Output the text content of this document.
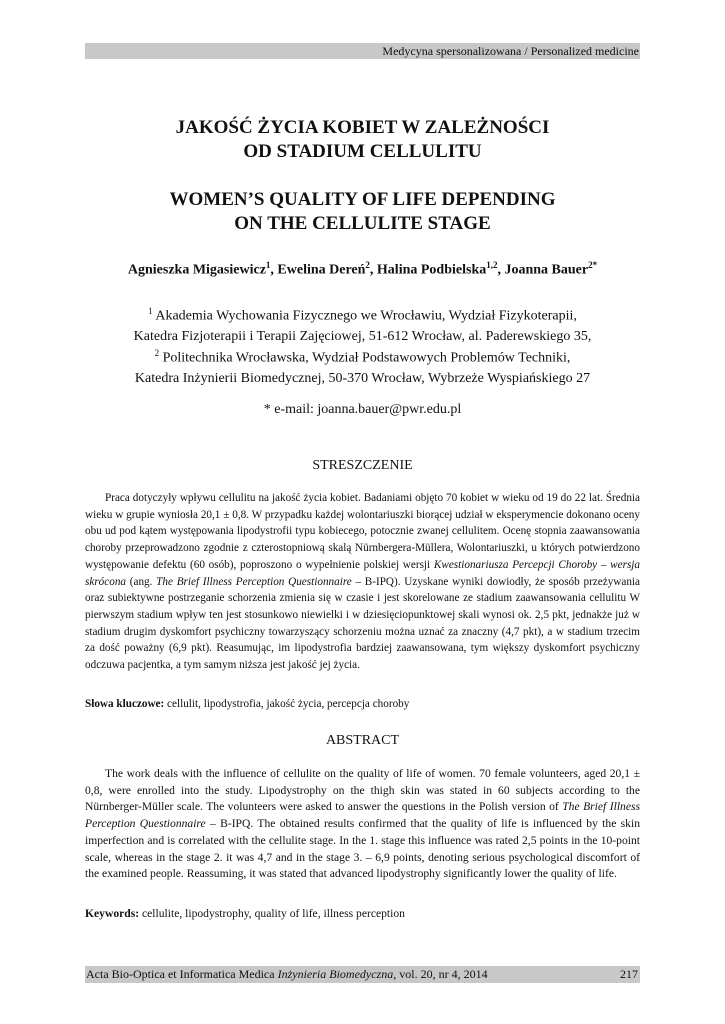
Medycyna spersonalizowana / Personalized medicine
JAKOŚĆ ŻYCIA KOBIET W ZALEŻNOŚCI
OD STADIUM CELLULITU
WOMEN’S QUALITY OF LIFE DEPENDING
ON THE CELLULITE STAGE
Agnieszka Migasiewicz$^1$, Ewelina Dereń$^2$, Halina Podbielska$^{1,2}$, Joanna Bauer$^{2*}$
$^1$ Akademia Wychowania Fizycznego we Wrocławiu, Wydział Fizykoterapii,
Katedra Fizjoterapii i Terapii Zajęciowej, 51-612 Wrocław, al. Paderewskiego 35,
$^2$ Politechnika Wrocławska, Wydział Podstawowych Problemów Techniki,
Katedra Inżynierii Biomedycznej, 50-370 Wrocław, Wybrzeże Wyspiańskiego 27
* e-mail: joanna.bauer@pwr.edu.pl
STRESZCZENIE

Praca dotyczyły wpływu cellulitu na jakość życia kobiet. Badaniami objęto 70 kobiet w wieku od 19 do 22 lat. Średnia wieku w grupie wyniosła 20,1 ± 0,8. W przypadku każdej wolontariuszki biorącej udział w eksperymencie dokonano oceny obu ud pod kątem występowania lipodystrofii typu kobiecego, potocznie zwanej cellulitem. Ocenę stopnia zaawansowania choroby przeprowadzono zgodnie z czterostopniową skalą Nürnbergera-Müllera, Wolontariuszki, u których potwierdzono występowanie defektu (60 osób), poproszono o wypełnienie polskiej wersji Kwestionariusza Percepcji Choroby – wersja skrócona (ang. The Brief Illness Perception Questionnaire – B-IPQ). Uzyskane wyniki dowiodły, że sposób przeżywania oraz subiektywne postrzeganie schorzenia zmienia się w czasie i jest skorelowane ze stadium zaawansowania cellulitu W pierwszym stadium wpływ ten jest stosunkowo niewielki i w dziesięciopunktowej skali wynosi ok. 2,5 pkt, jednakże już w stadium drugim dyskomfort psychiczny towarzyszący schorzeniu można uznać za znaczny (4,7 pkt), a w stadium trzecim za dość poważny (6,9 pkt). Reasumując, im lipodystrofia bardziej zaawansowana, tym większy dyskomfort psychiczny odczuwa pacjentka, a tym samym niższa jest jakość jej życia.

Słowa kluczowe: cellulit, lipodystrofia, jakość życia, percepcja choroby

ABSTRACT

The work deals with the influence of cellulite on the quality of life of women. 70 female volunteers, aged 20,1 ± 0,8, were enrolled into the study. Lipodystrophy on the thigh skin was stated in 60 subjects according to the Nürnberger-Müller scale. The volunteers were asked to answer the questions in the Polish version of The Brief Illness Perception Questionnaire – B-IPQ. The obtained results confirmed that the quality of life is influenced by the skin imperfection and is correlated with the cellulite stage. In the 1. stage this influence was rated 2,5 points in the 10-point scale, whereas in the stage 2. it was 4,7 and in the stage 3. – 6,9 points, denoting serious psychological discomfort of the examined people. Reassuming, it was stated that advanced lipodystrophy significantly lower the quality of life.

Keywords: cellulite, lipodystrophy, quality of life, illness perception

Acta Bio-Optica et Informatica Medica Inżynieria Biomedyczna, vol. 20, nr 4, 2014	217
